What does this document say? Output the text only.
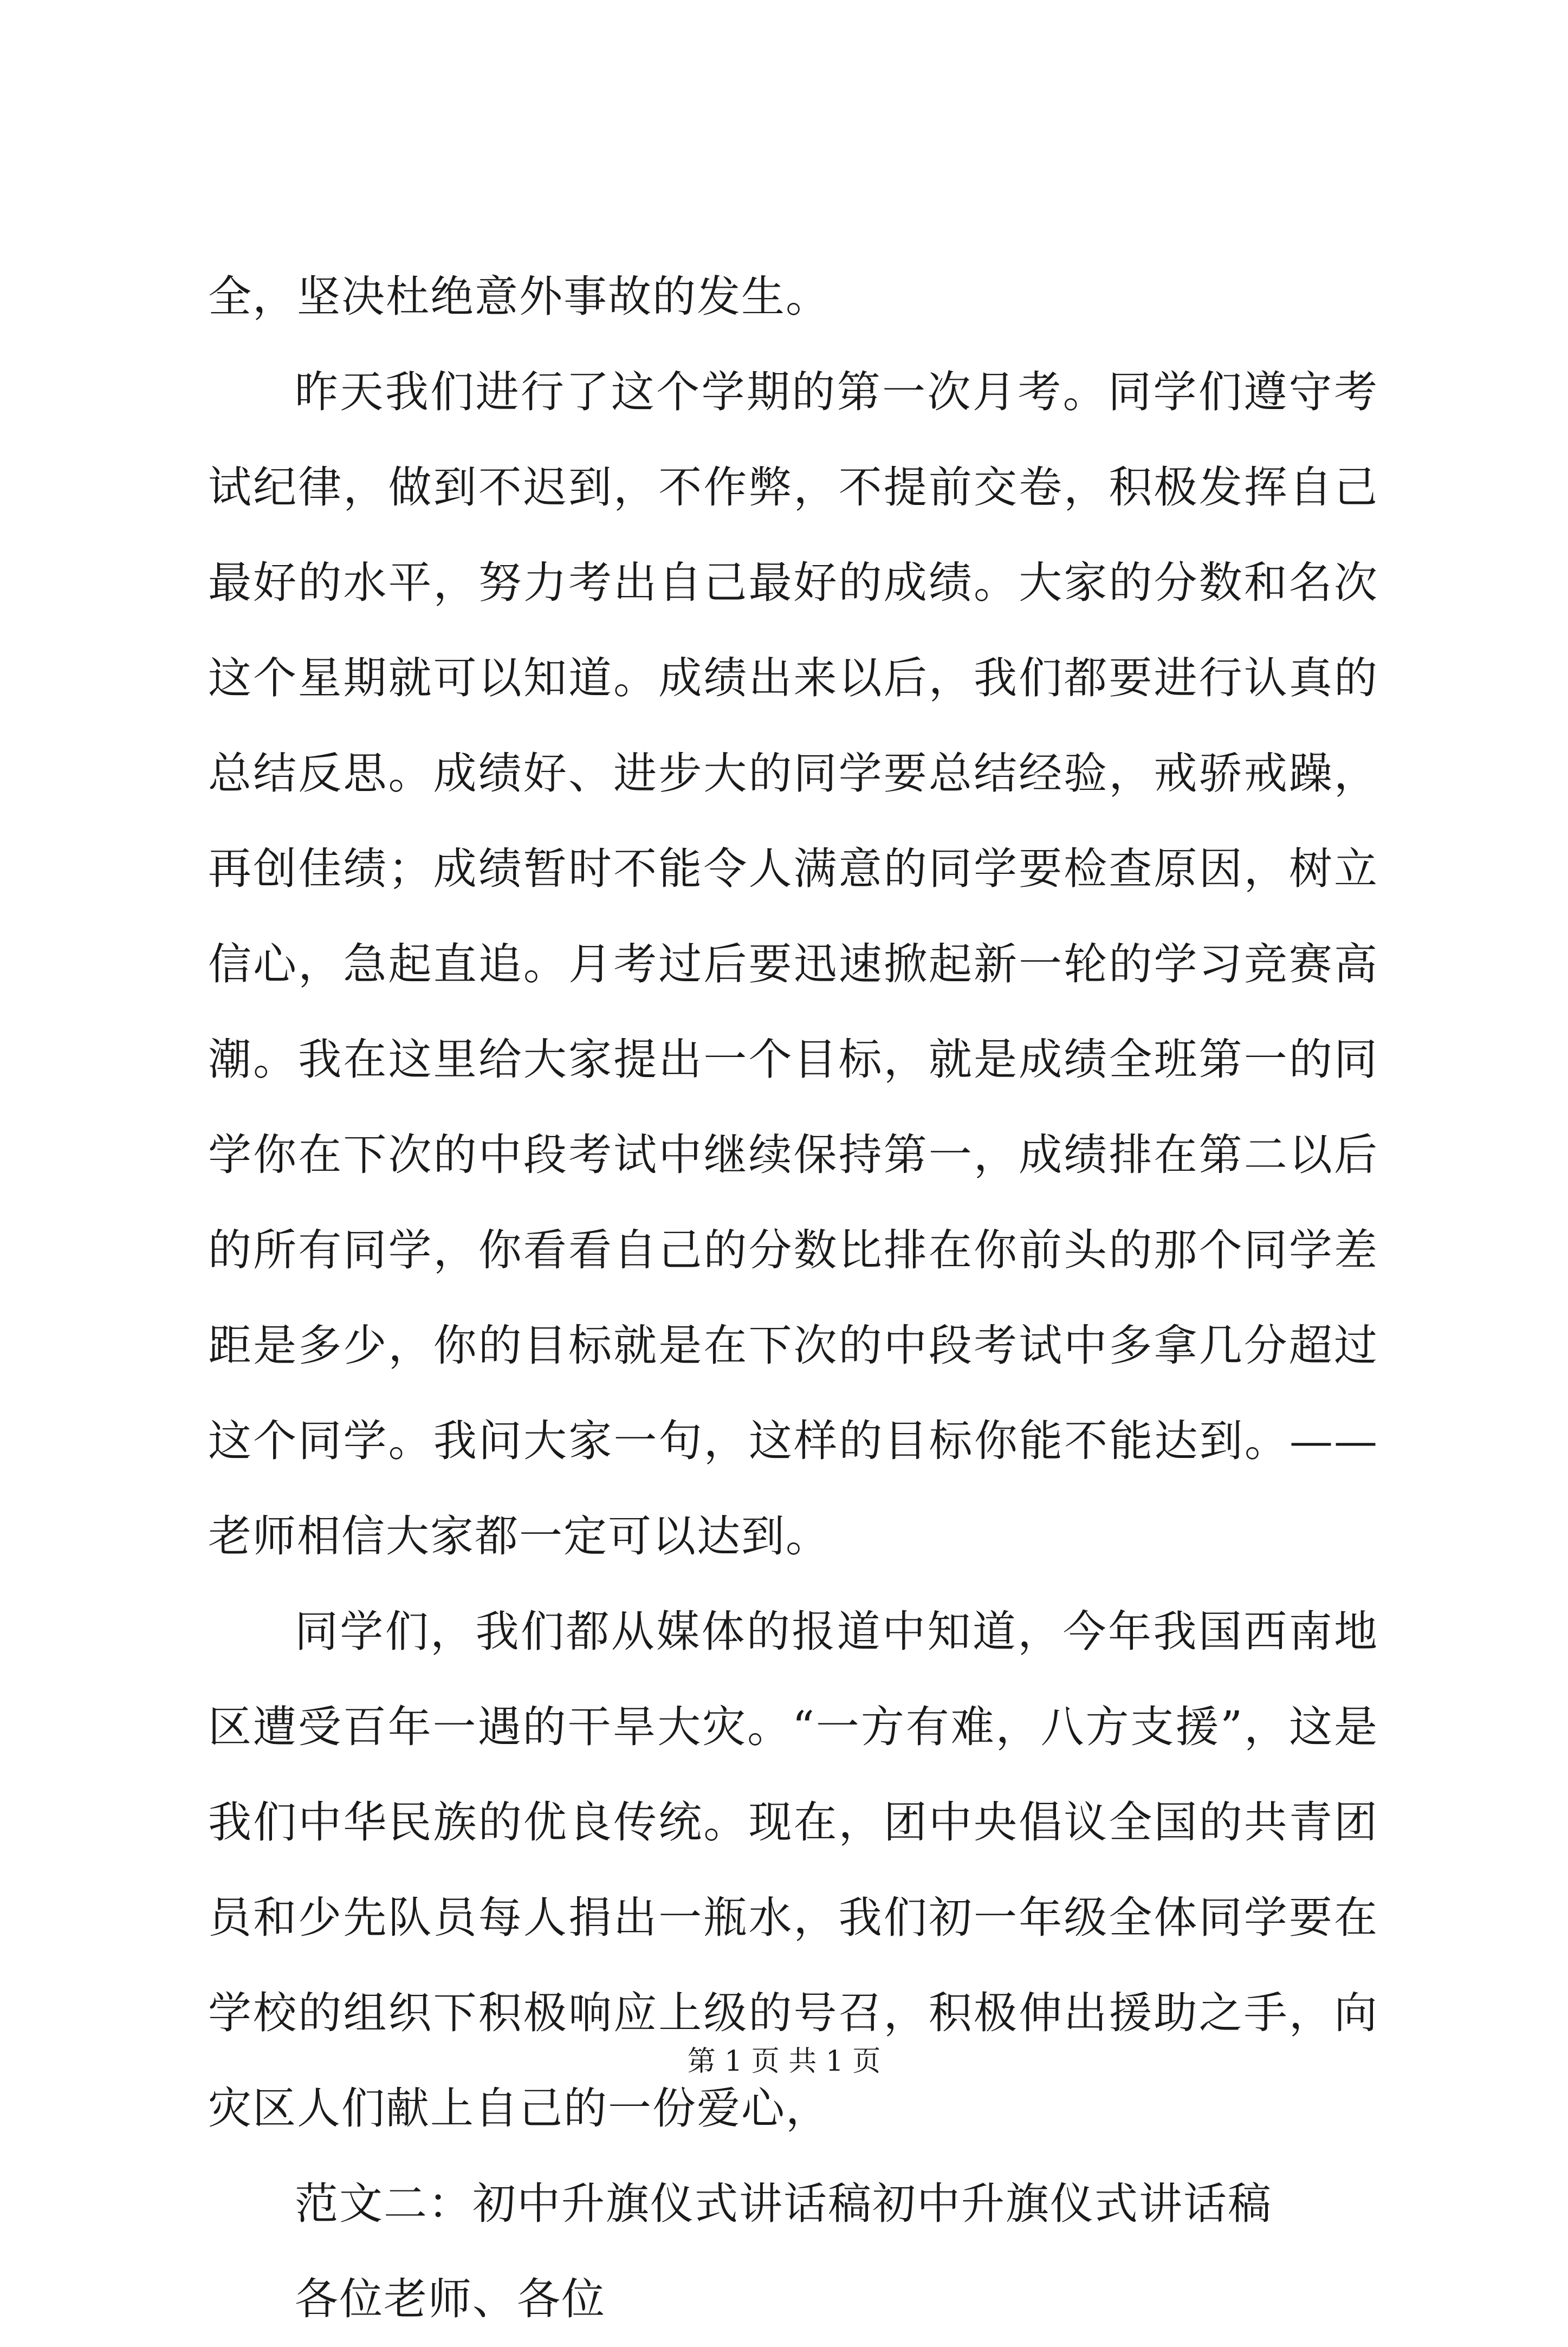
全，坚决杜绝意外事故的发生。

昨天我们进行了这个学期的第一次月考。同学们遵守考试纪律，做到不迟到，不作弊，不提前交卷，积极发挥自己最好的水平，努力考出自己最好的成绩。大家的分数和名次这个星期就可以知道。成绩出来以后，我们都要进行认真的总结反思。成绩好、进步大的同学要总结经验，戒骄戒躁，再创佳绩；成绩暂时不能令人满意的同学要检查原因，树立信心，急起直追。月考过后要迅速掀起新一轮的学习竞赛高潮。我在这里给大家提出一个目标，就是成绩全班第一的同学你在下次的中段考试中继续保持第一，成绩排在第二以后的所有同学，你看看自己的分数比排在你前头的那个同学差距是多少，你的目标就是在下次的中段考试中多拿几分超过这个同学。我问大家一句，这样的目标你能不能达到。——老师相信大家都一定可以达到。

同学们，我们都从媒体的报道中知道，今年我国西南地区遭受百年一遇的干旱大灾。“一方有难，八方支援”，这是我们中华民族的优良传统。现在，团中央倡议全国的共青团员和少先队员每人捐出一瓶水，我们初一年级全体同学要在学校的组织下积极响应上级的号召，积极伸出援助之手，向灾区人们献上自己的一份爱心，

范文二：初中升旗仪式讲话稿初中升旗仪式讲话稿

各位老师、各位

第 1 页 共 1 页
